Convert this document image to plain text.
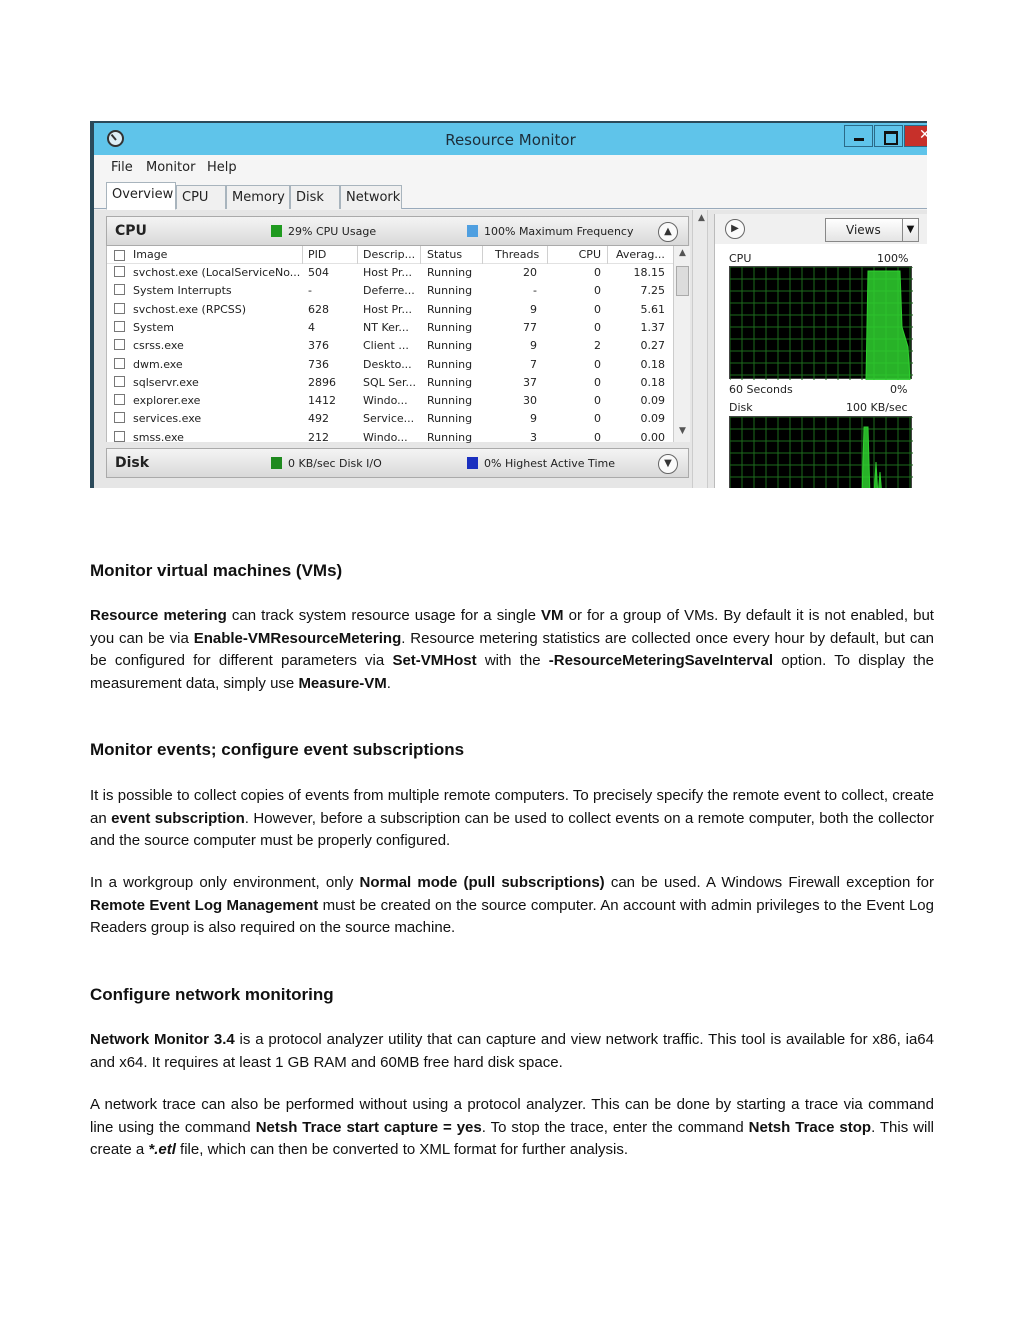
Resource Monitor
✕
File Monitor Help
Overview CPU	Memory Disk	Network
CPU	29% CPU Usage	100% Maximum Frequency	▲
Image	PID	Descrip... Status	Threads	CPU Averag...
svchost.exe (LocalServiceNo... 504	Host Pr... Running	20	0	18.15
System Interrupts	-	Deferre... Running	-	0	7.25
svchost.exe (RPCSS)	628	Host Pr... Running	9	0	5.61
System	4	NT Ker... Running	77	0	1.37
csrss.exe	376	Client ... Running	9	2	0.27
dwm.exe	736	Deskto... Running	7	0	0.18
sqlservr.exe	2896 SQL Ser... Running	37	0	0.18
explorer.exe	1412 Windo... Running	30	0	0.09
services.exe	492	Service... Running	9	0	0.09
smss.exe	212	Windo... Running	3	0	0.00
▲
▼
Disk	0 KB/sec Disk I/O	0% Highest Active Time	▼
▲
▶	Views	▼
CPU	100%
60 Seconds	0%
Disk	100 KB/sec
Monitor virtual machines (VMs)

Resource metering can track system resource usage for a single VM or for a group of VMs. By default it is not enabled, but you can be via Enable-VMResourceMetering. Resource metering statistics are collected once every hour by default, but can be configured for different parameters via Set-VMHost with the -ResourceMeteringSaveInterval option. To display the measurement data, simply use Measure-VM.

Monitor events; configure event subscriptions

It is possible to collect copies of events from multiple remote computers. To precisely specify the remote event to collect, create an event subscription. However, before a subscription can be used to collect events on a remote computer, both the collector and the source computer must be properly configured.

In a workgroup only environment, only Normal mode (pull subscriptions) can be used. A Windows Firewall exception for Remote Event Log Management must be created on the source computer. An account with admin privileges to the Event Log Readers group is also required on the source machine.

Configure network monitoring

Network Monitor 3.4 is a protocol analyzer utility that can capture and view network traffic. This tool is available for x86, ia64 and x64. It requires at least 1 GB RAM and 60MB free hard disk space.

A network trace can also be performed without using a protocol analyzer. This can be done by starting a trace via command line using the command Netsh Trace start capture = yes. To stop the trace, enter the command Netsh Trace stop. This will create a *.etl file, which can then be converted to XML format for further analysis.
